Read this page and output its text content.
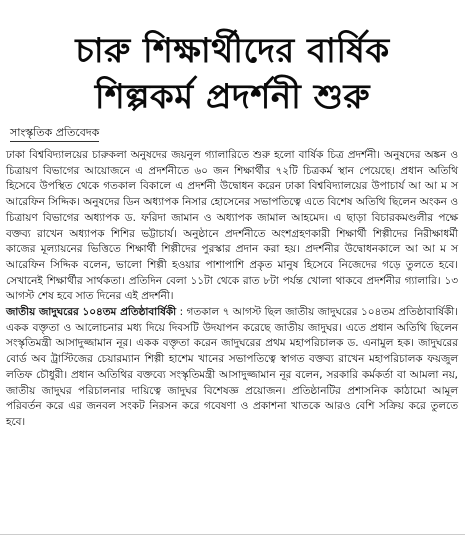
চারু শিক্ষার্থীদের বার্ষিক
শিল্পকর্ম প্রদর্শনী শুরু
সাংস্কৃতিক প্রতিবেদক

ঢাকা বিশ্ববিদ্যালয়ের চারুকলা অনুষদের জয়নুল গ্যালারিতে শুরু হলো বার্ষিক চিত্র প্রদর্শনী। অনুষদের অঙ্কন ও চিত্রায়ণ বিভাগের আয়োজনে এ প্রদর্শনীতে ৬০ জন শিক্ষার্থীর ৭২টি চিত্রকর্ম স্থান পেয়েছে। প্রধান অতিথি হিসেবে উপস্থিত থেকে গতকাল বিকালে এ প্রদর্শনী উদ্বোধন করেন ঢাকা বিশ্ববিদ্যালয়ের উপাচার্য আ আ ম স আরেফিন সিদ্দিক। অনুষদের ডিন অধ্যাপক নিসার হোসেনের সভাপতিত্বে এতে বিশেষ অতিথি ছিলেন অংকন ও চিত্রায়ণ বিভাগের অধ্যাপক ড. ফরিদা জামান ও অধ্যাপক জামাল আহমেদ। এ ছাড়া বিচারকমণ্ডলীর পক্ষে বক্তব্য রাখেন অধ্যাপক শিশির ভট্টাচার্য। অনুষ্ঠানে প্রদর্শনীতে অংশগ্রহণকারী শিক্ষার্থী শিল্পীদের নিরীক্ষাধর্মী কাজের মূল্যায়নের ভিত্তিতে শিক্ষার্থী শিল্পীদের পুরস্কার প্রদান করা হয়। প্রদর্শনীর উদ্বোধনকালে আ আ ম স আরেফিন সিদ্দিক বলেন, ভালো শিল্পী হওয়ার পাশাপাশি প্রকৃত মানুষ হিসেবে নিজেদের গড়ে তুলতে হবে। সেখানেই শিক্ষার্থীর সার্থকতা। প্রতিদিন বেলা ১১টা থেকে রাত ৮টা পর্যন্ত খোলা থাকবে প্রদর্শনীর গ্যালারি। ১৩ আগস্ট শেষ হবে সাত দিনের এই প্রদর্শনী।

জাতীয় জাদুঘরের ১০৪তম প্রতিষ্ঠাবার্ষিকী : গতকাল ৭ আগস্ট ছিল জাতীয় জাদুঘরের ১০৪তম প্রতিষ্ঠাবার্ষিকী। একক বক্তৃতা ও আলোচনার মধ্য দিয়ে দিবসটি উদযাপন করেছে জাতীয় জাদুঘর। এতে প্রধান অতিথি ছিলেন সংস্কৃতিমন্ত্রী আসাদুজ্জামান নূর। একক বক্তৃতা করেন জাদুঘরের প্রথম মহাপরিচালক ড. এনামুল হক। জাদুঘরের বোর্ড অব ট্রাস্টিজের চেয়ারম্যান শিল্পী হাশেম খানের সভাপতিত্বে স্বাগত বক্তব্য রাখেন মহাপরিচালক ফয়জুল লতিফ চৌধুরী। প্রধান অতিথির বক্তব্যে সংস্কৃতিমন্ত্রী আসাদুজ্জামান নূর বলেন, সরকারি কর্মকর্তা বা আমলা নয়, জাতীয় জাদুঘর পরিচালনার দায়িত্বে জাদুঘর বিশেষজ্ঞ প্রয়োজন। প্রতিষ্ঠানটির প্রশাসনিক কাঠামো আমূল পরিবর্তন করে এর জনবল সংকট নিরসন করে গবেষণা ও প্রকাশনা খাতকে আরও বেশি সক্রিয় করে তুলতে হবে।
